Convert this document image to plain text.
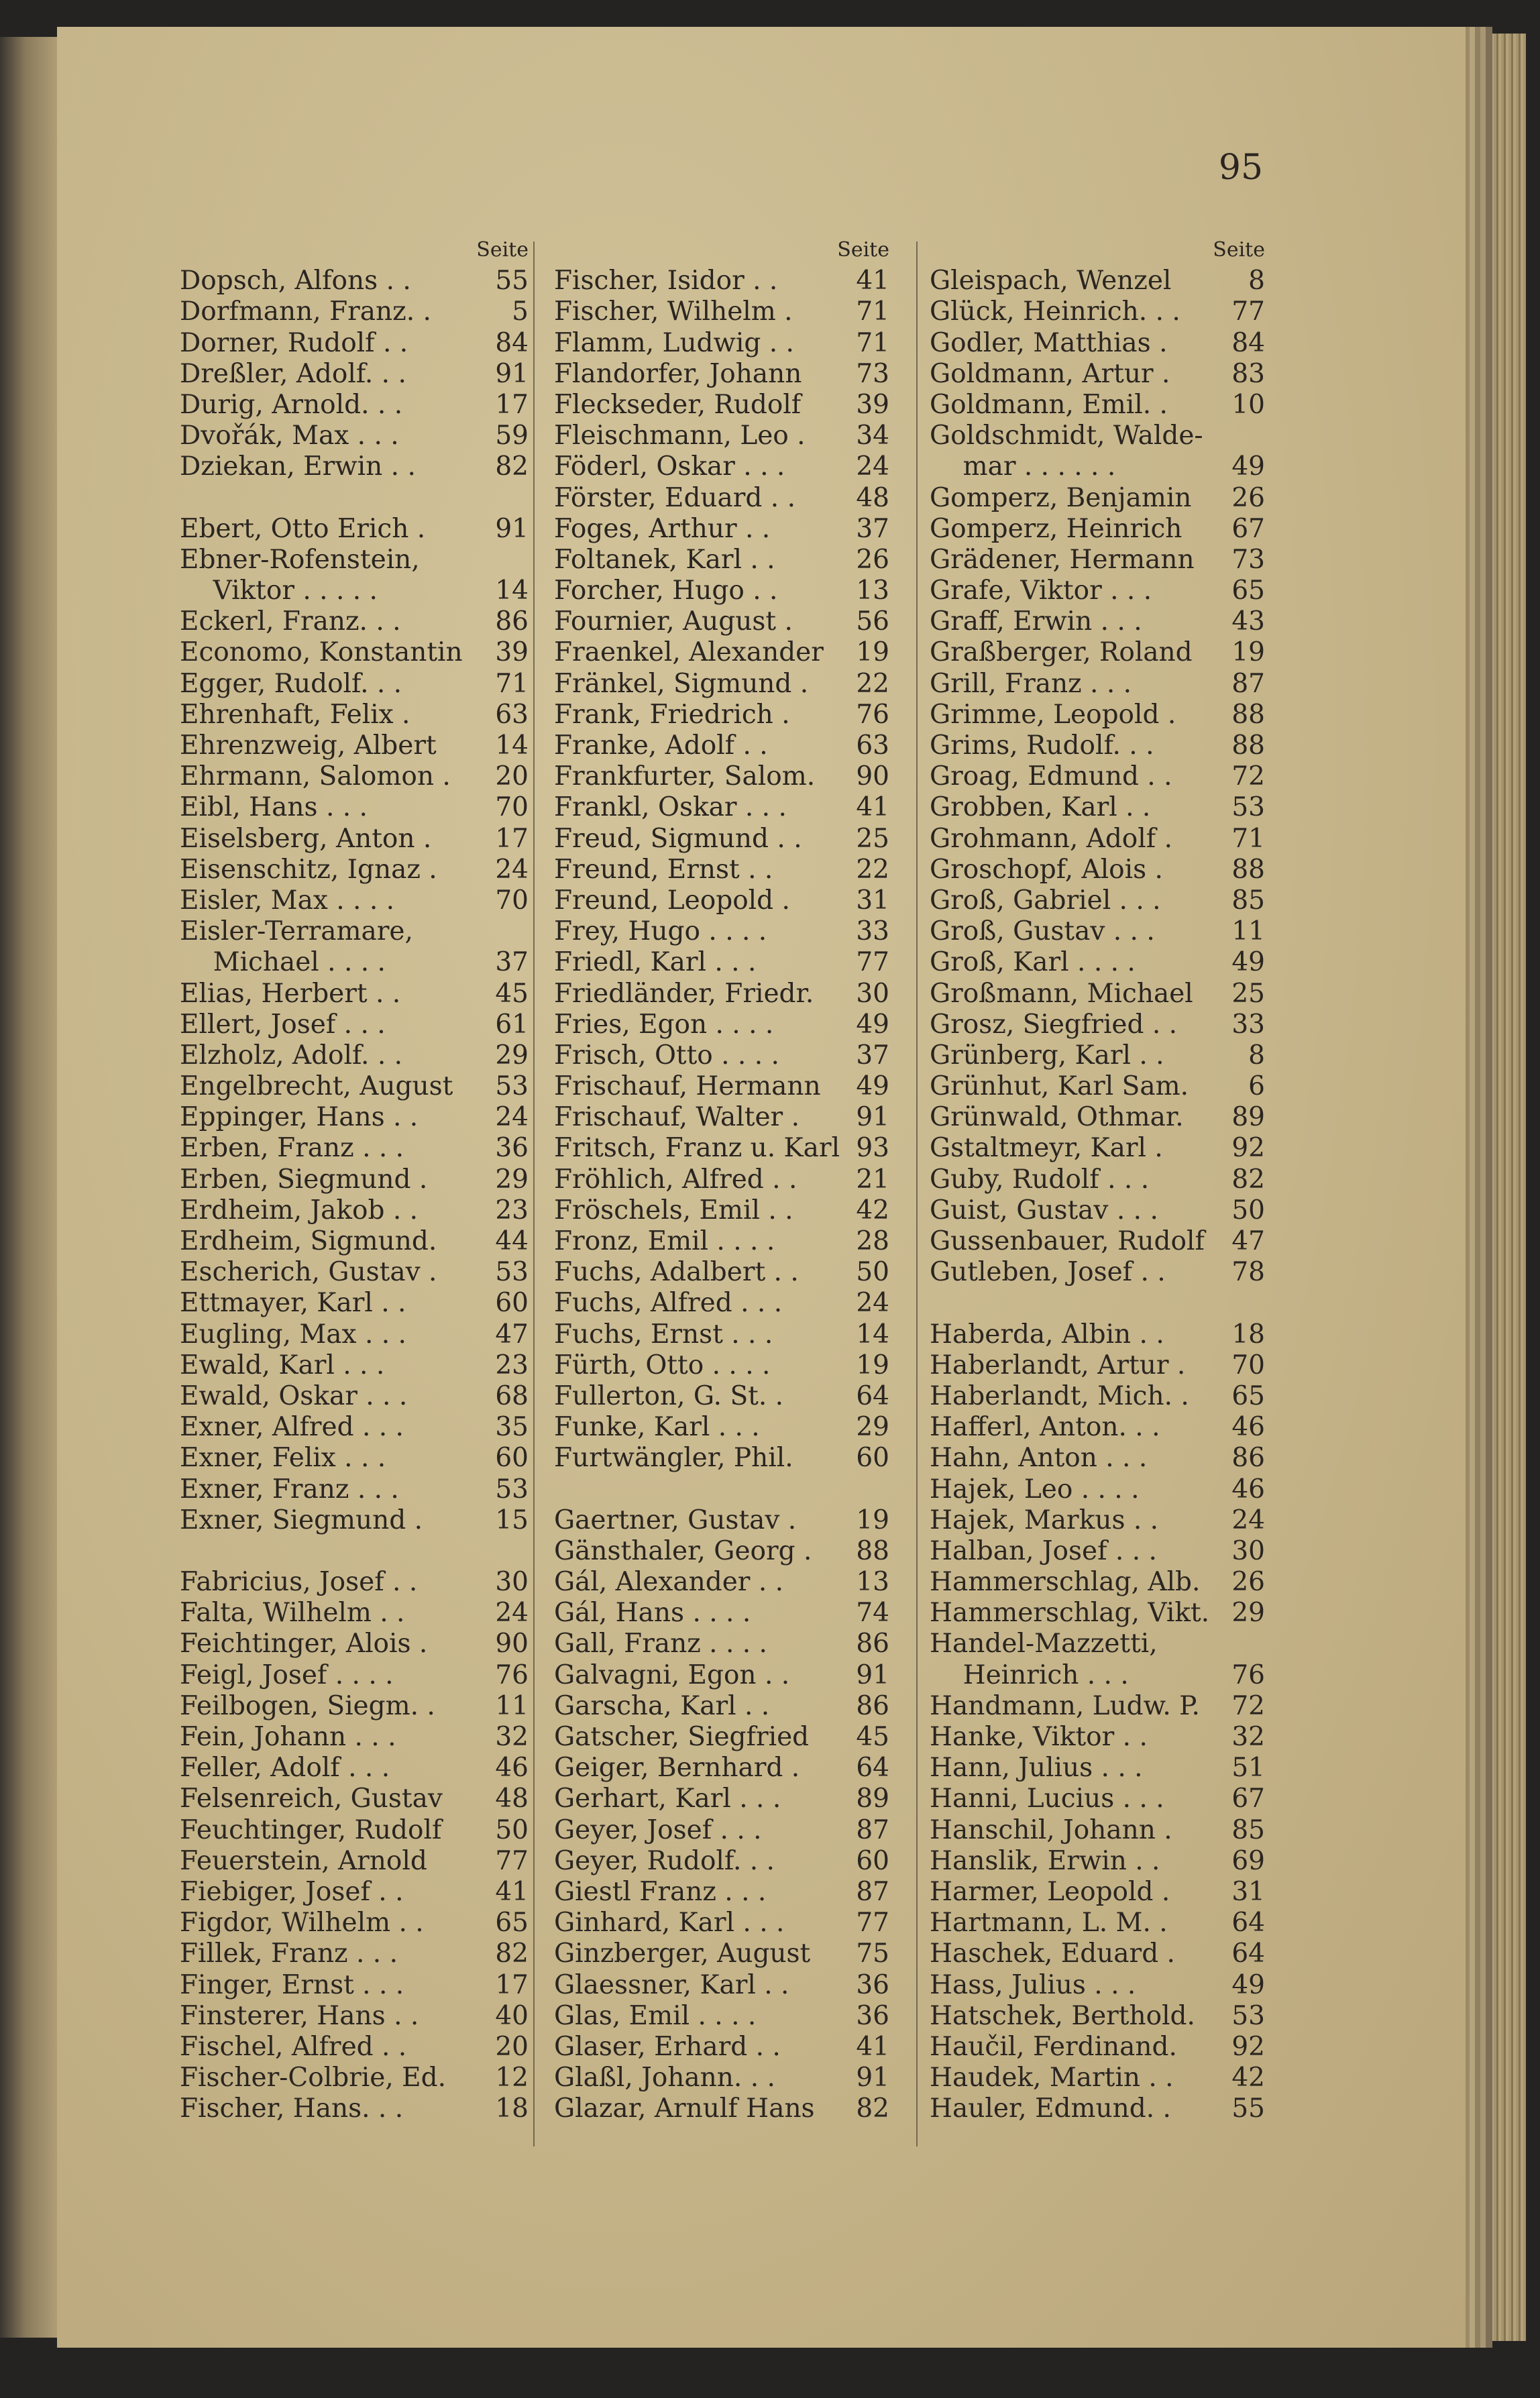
95
Seite
Dopsch, Alfons . .	55
Dorfmann, Franz. .	5
Dorner, Rudolf . .	84
Dreßler, Adolf. . .	91
Durig, Arnold. . .	17
Dvořák, Max . . .	59
Dziekan, Erwin . .	82
Ebert, Otto Erich .	91
Ebner-Rofenstein,
Viktor . . . . .	14
Eckerl, Franz. . .	86
Economo, Konstantin 39
Egger, Rudolf. . .	71
Ehrenhaft, Felix .	63
Ehrenzweig, Albert 14
Ehrmann, Salomon . 20
Eibl, Hans . . .	70
Eiselsberg, Anton . 17
Eisenschitz, Ignaz . 24
Eisler, Max . . . .	70
Eisler-Terramare,
Michael . . . .	37
Elias, Herbert . .	45
Ellert, Josef . . .	61
Elzholz, Adolf. . .	29
Engelbrecht, August 53
Eppinger, Hans . .	24
Erben, Franz . . .	36
Erben, Siegmund .	29
Erdheim, Jakob . .	23
Erdheim, Sigmund. 44
Escherich, Gustav . 53
Ettmayer, Karl . .	60
Eugling, Max . . .	47
Ewald, Karl . . .	23
Ewald, Oskar . . .	68
Exner, Alfred . . .	35
Exner, Felix . . .	60
Exner, Franz . . .	53
Exner, Siegmund .	15
Fabricius, Josef . .	30
Falta, Wilhelm . .	24
Feichtinger, Alois .	90
Feigl, Josef . . . .	76
Feilbogen, Siegm. . 11
Fein, Johann . . .	32
Feller, Adolf . . .	46
Felsenreich, Gustav 48
Feuchtinger, Rudolf 50
Feuerstein, Arnold	77
Fiebiger, Josef . .	41
Figdor, Wilhelm . .	65
Fillek, Franz . . .	82
Finger, Ernst . . .	17
Finsterer, Hans . .	40
Fischel, Alfred . .	20
Fischer-Colbrie, Ed. 12
Fischer, Hans. . .	18
Seite
Fischer, Isidor . .	41
Fischer, Wilhelm . 71
Flamm, Ludwig . . 71
Flandorfer, Johann 73
Fleckseder, Rudolf 39
Fleischmann, Leo . 34
Föderl, Oskar . . .	24
Förster, Eduard . . 48
Foges, Arthur . .	37
Foltanek, Karl . .	26
Forcher, Hugo . .	13
Fournier, August . 56
Fraenkel, Alexander 19
Fränkel, Sigmund . 22
Frank, Friedrich .	76
Franke, Adolf . .	63
Frankfurter, Salom. 90
Frankl, Oskar . . .	41
Freud, Sigmund . . 25
Freund, Ernst . .	22
Freund, Leopold .	31
Frey, Hugo . . . .	33
Friedl, Karl . . .	77
Friedländer, Friedr. 30
Fries, Egon . . . .	49
Frisch, Otto . . . .	37
Frischauf, Hermann 49
Frischauf, Walter . 91
Fritsch, Franz u. Karl 93
Fröhlich, Alfred . . 21
Fröschels, Emil . . 42
Fronz, Emil . . . .	28
Fuchs, Adalbert . . 50
Fuchs, Alfred . . .	24
Fuchs, Ernst . . .	14
Fürth, Otto . . . .	19
Fullerton, G. St. .	64
Funke, Karl . . .	29
Furtwängler, Phil. 60
Gaertner, Gustav . 19
Gänsthaler, Georg . 88
Gál, Alexander . .	13
Gál, Hans . . . .	74
Gall, Franz . . . .	86
Galvagni, Egon . .	91
Garscha, Karl . .	86
Gatscher, Siegfried 45
Geiger, Bernhard . 64
Gerhart, Karl . . .	89
Geyer, Josef . . .	87
Geyer, Rudolf. . .	60
Giestl Franz . . .	87
Ginhard, Karl . . .	77
Ginzberger, August 75
Glaessner, Karl . .	36
Glas, Emil . . . .	36
Glaser, Erhard . .	41
Glaßl, Johann. . .	91
Glazar, Arnulf Hans 82
Seite
Gleispach, Wenzel	8
Glück, Heinrich. . . 77
Godler, Matthias . 84
Goldmann, Artur . 83
Goldmann, Emil. . 10
Goldschmidt, Walde-
mar . . . . . .	49
Gomperz, Benjamin 26
Gomperz, Heinrich 67
Grädener, Hermann 73
Grafe, Viktor . . .	65
Graff, Erwin . . .	43
Graßberger, Roland 19
Grill, Franz . . .	87
Grimme, Leopold . 88
Grims, Rudolf. . .	88
Groag, Edmund . . 72
Grobben, Karl . .	53
Grohmann, Adolf . 71
Groschopf, Alois .	88
Groß, Gabriel . . .	85
Groß, Gustav . . .	11
Groß, Karl . . . .	49
Großmann, Michael 25
Grosz, Siegfried . . 33
Grünberg, Karl . .	8
Grünhut, Karl Sam.	6
Grünwald, Othmar. 89
Gstaltmeyr, Karl .	92
Guby, Rudolf . . .	82
Guist, Gustav . . .	50
Gussenbauer, Rudolf 47
Gutleben, Josef . .	78
Haberda, Albin . .	18
Haberlandt, Artur . 70
Haberlandt, Mich. . 65
Hafferl, Anton. . .	46
Hahn, Anton . . .	86
Hajek, Leo . . . .	46
Hajek, Markus . .	24
Halban, Josef . . .	30
Hammerschlag, Alb. 26
Hammerschlag, Vikt. 29
Handel-Mazzetti,
Heinrich . . .	76
Handmann, Ludw. P. 72
Hanke, Viktor . .	32
Hann, Julius . . .	51
Hanni, Lucius . . .	67
Hanschil, Johann . 85
Hanslik, Erwin . .	69
Harmer, Leopold . 31
Hartmann, L. M. . 64
Haschek, Eduard . 64
Hass, Julius . . .	49
Hatschek, Berthold. 53
Haučil, Ferdinand. 92
Haudek, Martin . . 42
Hauler, Edmund. . 55
